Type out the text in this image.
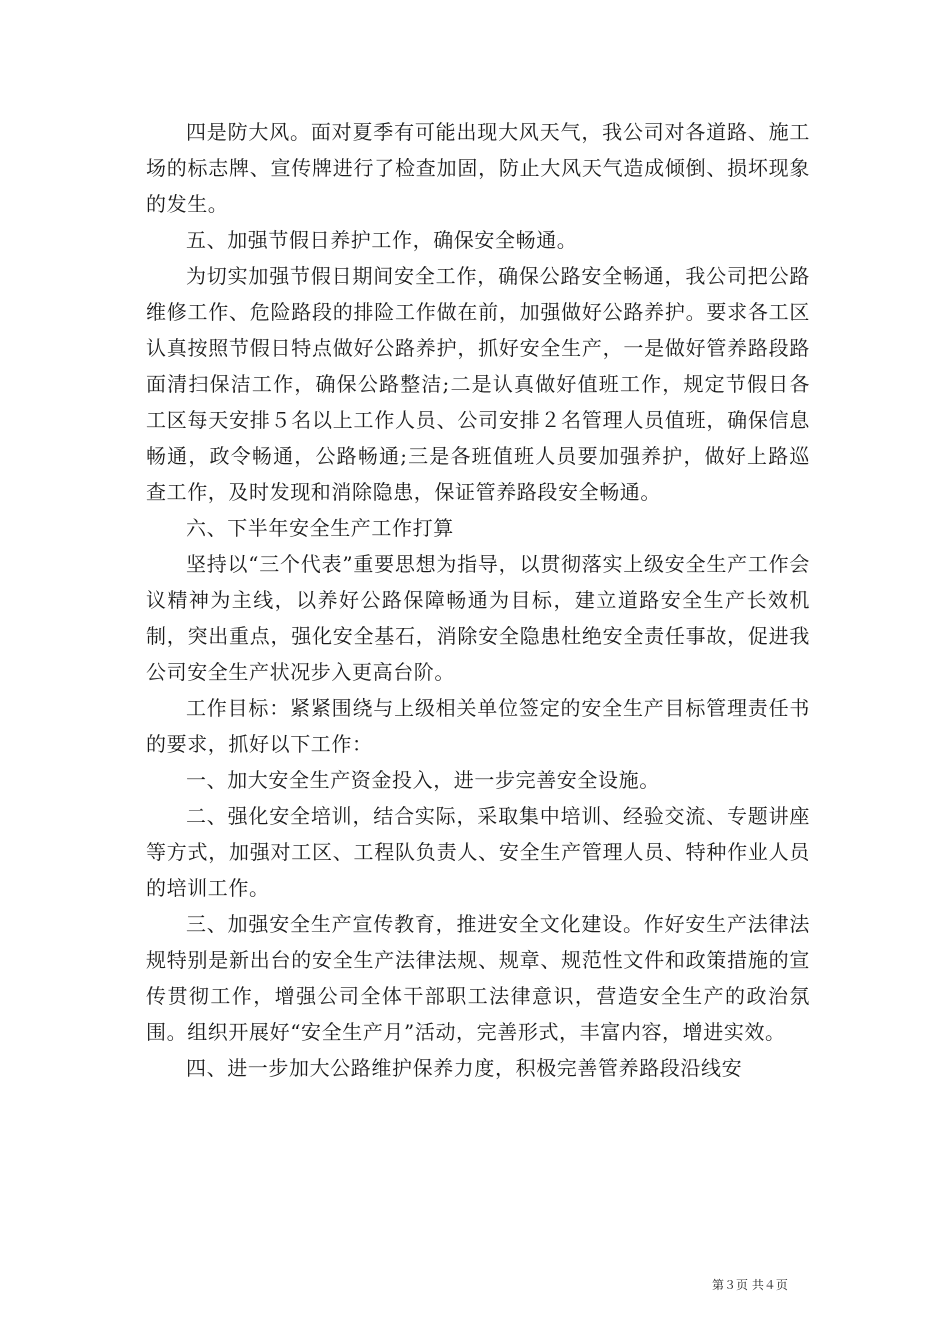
四是防大风。面对夏季有可能出现大风天气，我公司对各道路、施工场的标志牌、宣传牌进行了检查加固，防止大风天气造成倾倒、损坏现象的发生。

五、加强节假日养护工作，确保安全畅通。

为切实加强节假日期间安全工作，确保公路安全畅通，我公司把公路维修工作、危险路段的排险工作做在前，加强做好公路养护。要求各工区认真按照节假日特点做好公路养护，抓好安全生产，一是做好管养路段路面清扫保洁工作，确保公路整洁;二是认真做好值班工作，规定节假日各工区每天安排５名以上工作人员、公司安排２名管理人员值班，确保信息畅通，政令畅通，公路畅通;三是各班值班人员要加强养护，做好上路巡查工作，及时发现和消除隐患，保证管养路段安全畅通。

六、下半年安全生产工作打算

坚持以“三个代表”重要思想为指导，以贯彻落实上级安全生产工作会议精神为主线，以养好公路保障畅通为目标，建立道路安全生产长效机制，突出重点，强化安全基石，消除安全隐患杜绝安全责任事故，促进我公司安全生产状况步入更高台阶。

工作目标：紧紧围绕与上级相关单位签定的安全生产目标管理责任书的要求，抓好以下工作：

一、加大安全生产资金投入，进一步完善安全设施。

二、强化安全培训，结合实际，采取集中培训、经验交流、专题讲座等方式，加强对工区、工程队负责人、安全生产管理人员、特种作业人员的培训工作。

三、加强安全生产宣传教育，推进安全文化建设。作好安生产法律法规特别是新出台的安全生产法律法规、规章、规范性文件和政策措施的宣传贯彻工作，增强公司全体干部职工法律意识，营造安全生产的政治氛围。组织开展好“安全生产月”活动，完善形式，丰富内容，增进实效。

四、进一步加大公路维护保养力度，积极完善管养路段沿线安

第３页 共４页
